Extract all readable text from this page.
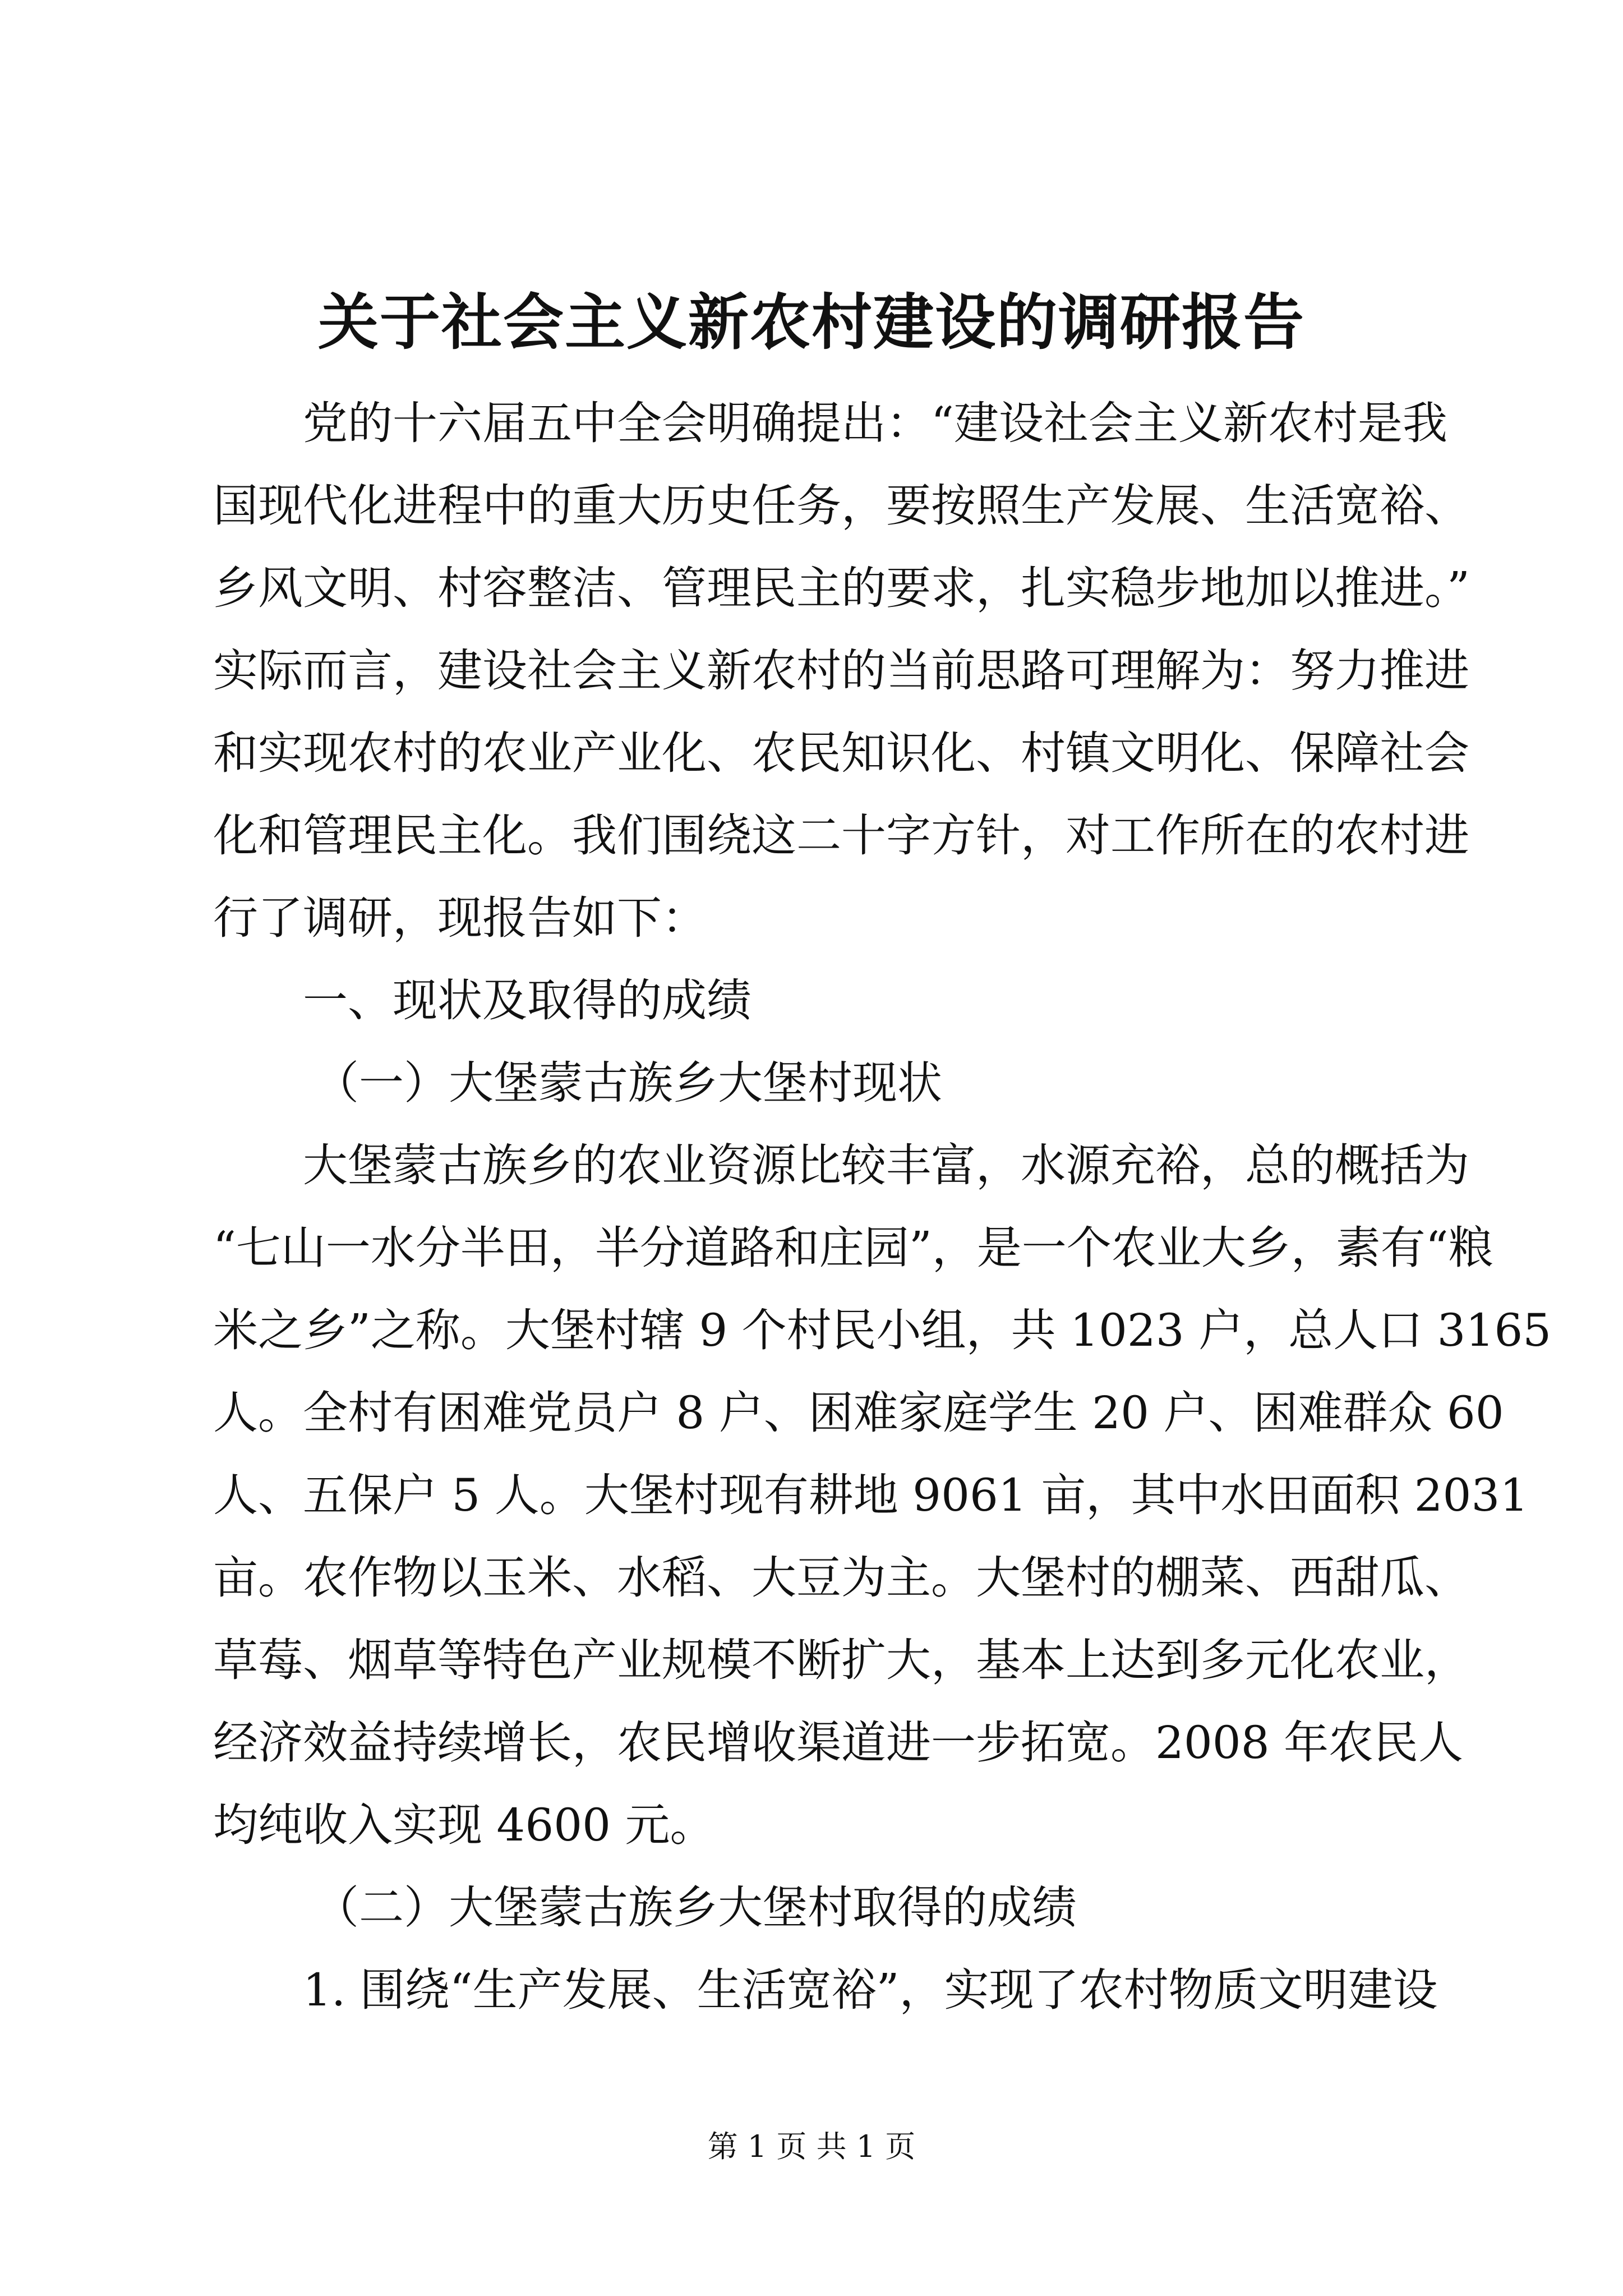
关于社会主义新农村建设的调研报告
党的十六届五中全会明确提出：“建设社会主义新农村是我
国现代化进程中的重大历史任务，要按照生产发展、生活宽裕、
乡风文明、村容整洁、管理民主的要求，扎实稳步地加以推进。”
实际而言，建设社会主义新农村的当前思路可理解为：努力推进
和实现农村的农业产业化、农民知识化、村镇文明化、保障社会
化和管理民主化。我们围绕这二十字方针，对工作所在的农村进
行了调研，现报告如下：
一、现状及取得的成绩
（一）大堡蒙古族乡大堡村现状
大堡蒙古族乡的农业资源比较丰富，水源充裕，总的概括为
“七山一水分半田，半分道路和庄园”，是一个农业大乡，素有“粮
米之乡”之称。大堡村辖 9 个村民小组，共 1023 户，总人口 3165
人。全村有困难党员户 8 户、困难家庭学生 20 户、困难群众 60
人、五保户 5 人。大堡村现有耕地 9061 亩，其中水田面积 2031
亩。农作物以玉米、水稻、大豆为主。大堡村的棚菜、西甜瓜、
草莓、烟草等特色产业规模不断扩大，基本上达到多元化农业，
经济效益持续增长，农民增收渠道进一步拓宽。2008 年农民人
均纯收入实现 4600 元。
（二）大堡蒙古族乡大堡村取得的成绩
1. 围绕“生产发展、生活宽裕”，实现了农村物质文明建设
第 1 页 共 1 页
